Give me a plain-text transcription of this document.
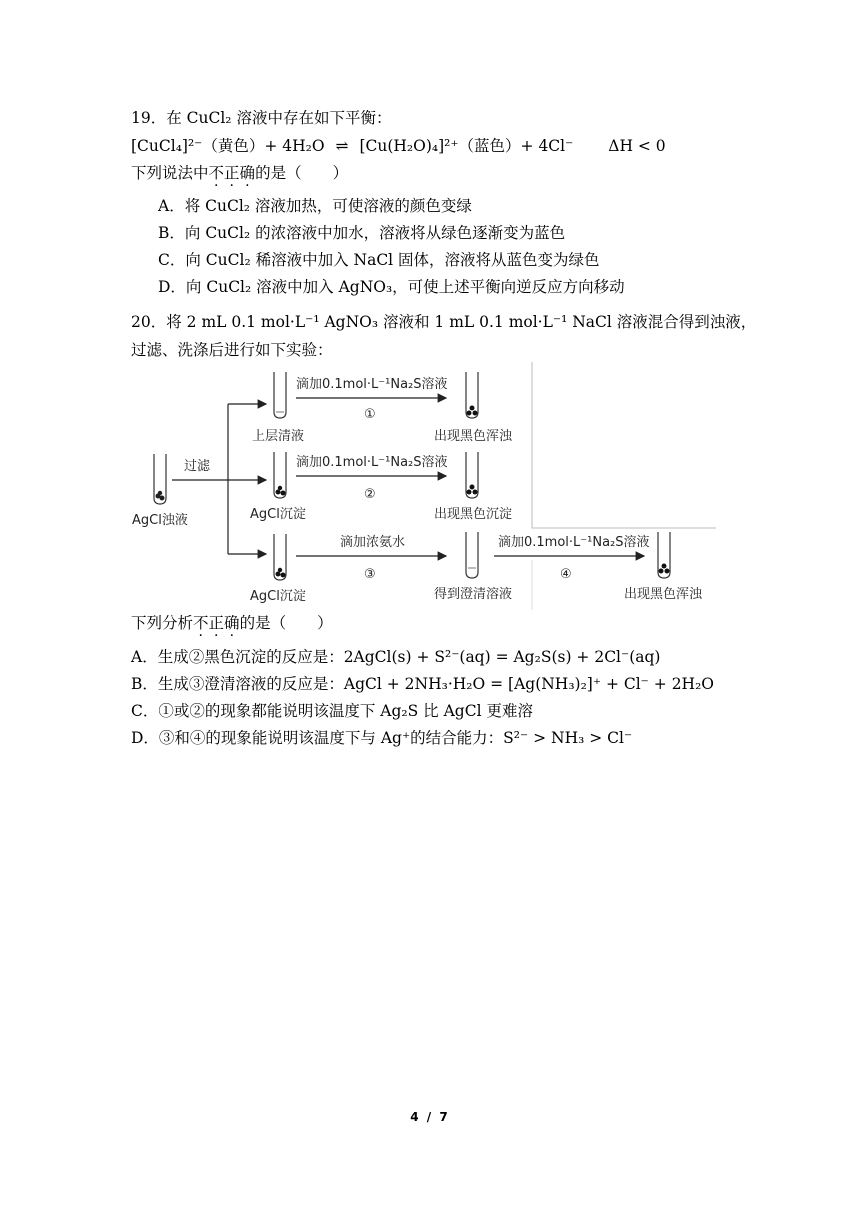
19．在 CuCl₂ 溶液中存在如下平衡：
[CuCl₄]²⁻（黄色）+ 4H₂O ⇌ [Cu(H₂O)₄]²⁺（蓝色）+ 4Cl⁻ ΔH < 0
下列说法中不正确的是（　　）
A．将 CuCl₂ 溶液加热，可使溶液的颜色变绿
B．向 CuCl₂ 的浓溶液中加水，溶液将从绿色逐渐变为蓝色
C．向 CuCl₂ 稀溶液中加入 NaCl 固体，溶液将从蓝色变为绿色
D．向 CuCl₂ 溶液中加入 AgNO₃，可使上述平衡向逆反应方向移动
20．将 2 mL 0.1 mol·L⁻¹ AgNO₃ 溶液和 1 mL 0.1 mol·L⁻¹ NaCl 溶液混合得到浊液，
过滤、洗涤后进行如下实验：
AgCl浊液
过滤
上层清液
滴加0.1mol·L⁻¹Na₂S溶液
①
出现黑色浑浊
AgCl沉淀
滴加0.1mol·L⁻¹Na₂S溶液
②
出现黑色沉淀
AgCl沉淀
滴加浓氨水
③
得到澄清溶液
滴加0.1mol·L⁻¹Na₂S溶液
④
出现黑色浑浊
下列分析不正确的是（　　）
A．生成②黑色沉淀的反应是：2AgCl(s) + S²⁻(aq) = Ag₂S(s) + 2Cl⁻(aq)
B．生成③澄清溶液的反应是：AgCl + 2NH₃·H₂O = [Ag(NH₃)₂]⁺ + Cl⁻ + 2H₂O
C．①或②的现象都能说明该温度下 Ag₂S 比 AgCl 更难溶
D．③和④的现象能说明该温度下与 Ag⁺的结合能力：S²⁻ > NH₃ > Cl⁻
4 / 7
